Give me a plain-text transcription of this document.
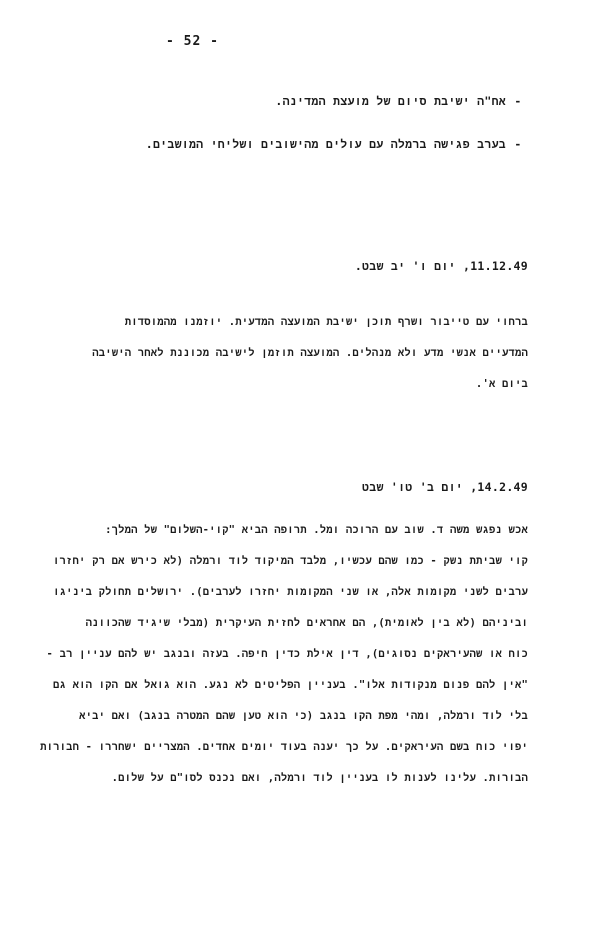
- 52 -
-אח"ה ישיבת סיום של מועצת המדינה.
-בערב פגישה ברמלה עם עולים מהישובים ושליחי המושבים.
11.12.49, יום ו' יב שבט.
ברחוי עם טייבור ושרף תוכן ישיבת המועצה המדעית. יוזמנו מהמוסדות
המדעיים אנשי מדע ולא מנהלים. המועצה תוזמן לישיבה מכוננת לאחר הישיבה
ביום א'.
14.2.49, יום ב' טו' שבט
אכש נפגש משה ד. שוב עם הרוכה ומל. תרופה הביא "קוי-השלום" של המלך:
קוי שביתת נשק - כמו שהם עכשיו, מלבד המיקוד לוד ורמלה (לא כירש אם רק יחזרו
ערבים לשני מקומות אלה, או שני המקומות יחזרו לערבים). ירושלים תחולק ביניגו
וביניהם (לא בין לאומית), הם אחראים לחזית העיקרית (מבלי שיגיד שהכוונה
כוח או שהעיראקים נסוגים), דין אילת כדין חיפה. בעזה ובנגב יש להם עניין רב -
"אין להם פנום מנקודות אלו". בעניין הפליטים לא נגע. הוא גואל אם הקו הוא גם
בלי לוד ורמלה, ומהי מפת הקו בנגב (כי הוא טען שהם המטרה בנגב) ואם יביא
יפוי כוח בשם העיראקים. על כך יענה בעוד יומים אחדים. המצריים ישחררו - חבורות
הבורות. עלינו לענות לו בעניין לוד ורמלה, ואם נכנס לסו"ם על שלום.
